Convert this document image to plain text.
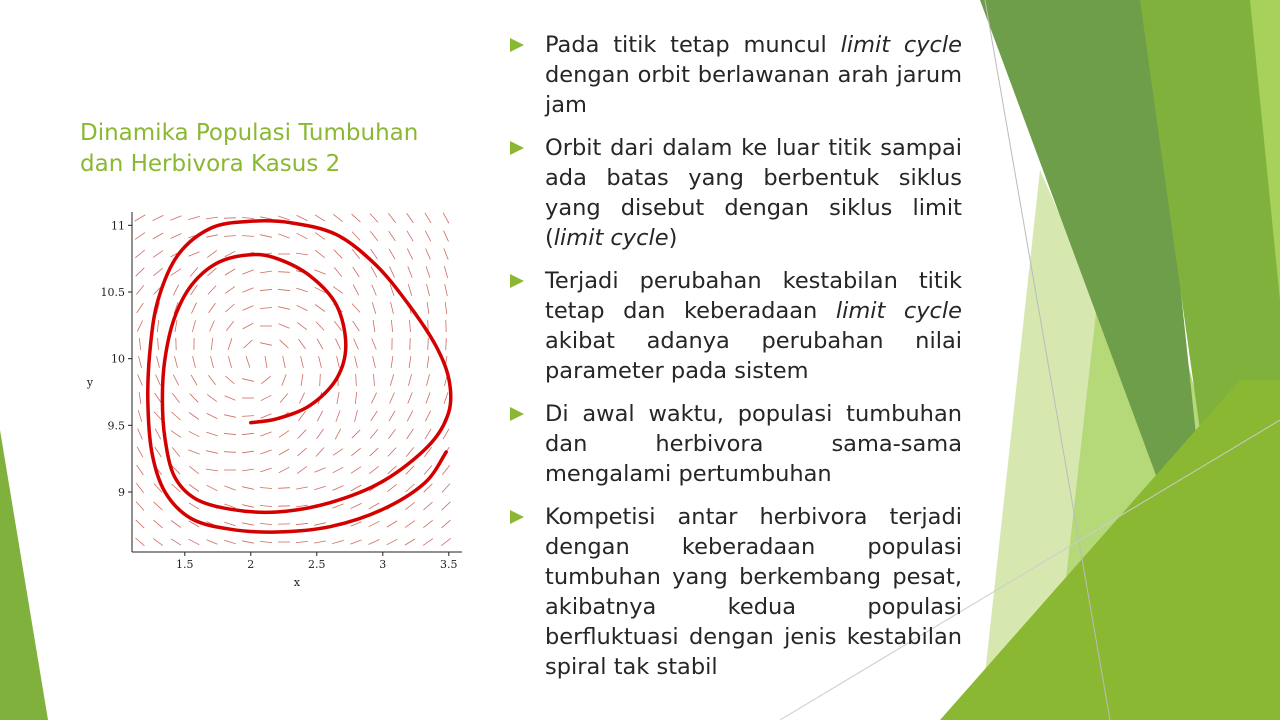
Dinamika Populasi Tumbuhan dan Herbivora Kasus 2
1.5	2	2.5	3	3.5
9
9.5
10
10.5
11
x
y
Pada titik tetap muncul limit cycle dengan orbit berlawanan arah jarum jam
Orbit dari dalam ke luar titik sampai ada batas yang berbentuk siklus yang disebut dengan siklus limit (limit cycle)
Terjadi perubahan kestabilan titik tetap dan keberadaan limit cycle akibat adanya perubahan nilai parameter pada sistem
Di awal waktu, populasi tumbuhan dan herbivora sama-sama mengalami pertumbuhan
Kompetisi antar herbivora terjadi dengan keberadaan populasi tumbuhan yang berkembang pesat, akibatnya kedua populasi berfluktuasi dengan jenis kestabilan spiral tak stabil
